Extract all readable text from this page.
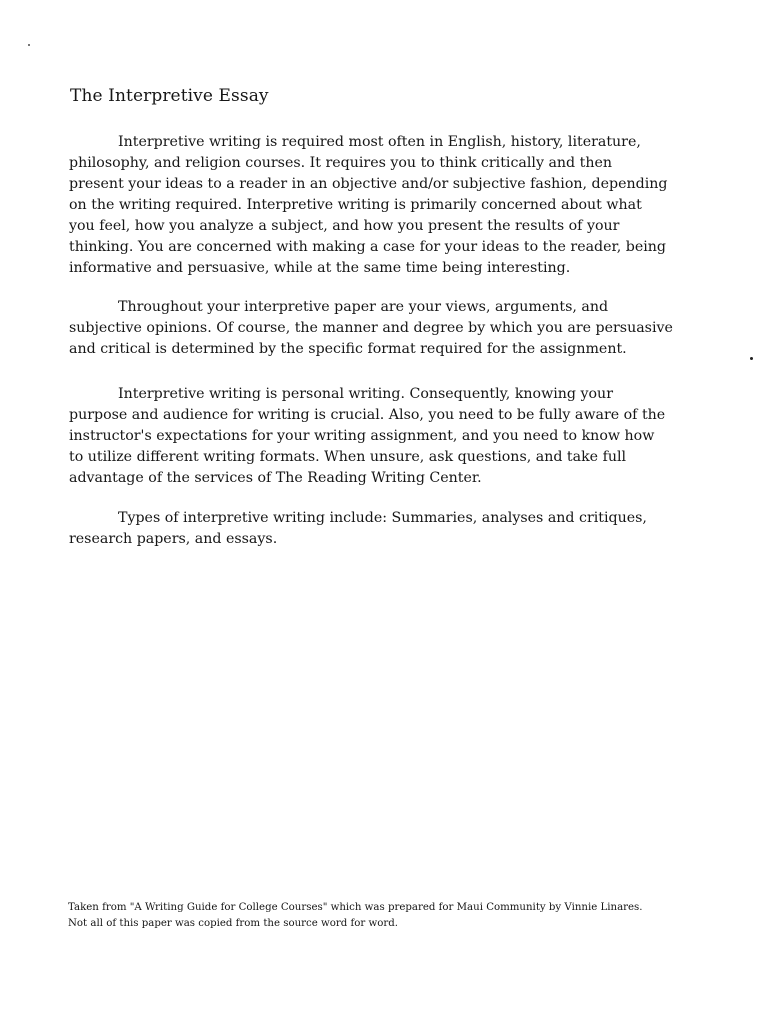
The Interpretive Essay

Interpretive writing is required most often in English, history, literature,
philosophy, and religion courses. It requires you to think critically and then
present your ideas to a reader in an objective and/or subjective fashion, depending
on the writing required. Interpretive writing is primarily concerned about what
you feel, how you analyze a subject, and how you present the results of your
thinking. You are concerned with making a case for your ideas to the reader, being
informative and persuasive, while at the same time being interesting.

Throughout your interpretive paper are your views, arguments, and
subjective opinions. Of course, the manner and degree by which you are persuasive
and critical is determined by the specific format required for the assignment.

Interpretive writing is personal writing. Consequently, knowing your
purpose and audience for writing is crucial. Also, you need to be fully aware of the
instructor's expectations for your writing assignment, and you need to know how
to utilize different writing formats. When unsure, ask questions, and take full
advantage of the services of The Reading Writing Center.

Types of interpretive writing include: Summaries, analyses and critiques,
research papers, and essays.

Taken from "A Writing Guide for College Courses" which was prepared for Maui Community by Vinnie Linares.
Not all of this paper was copied from the source word for word.
